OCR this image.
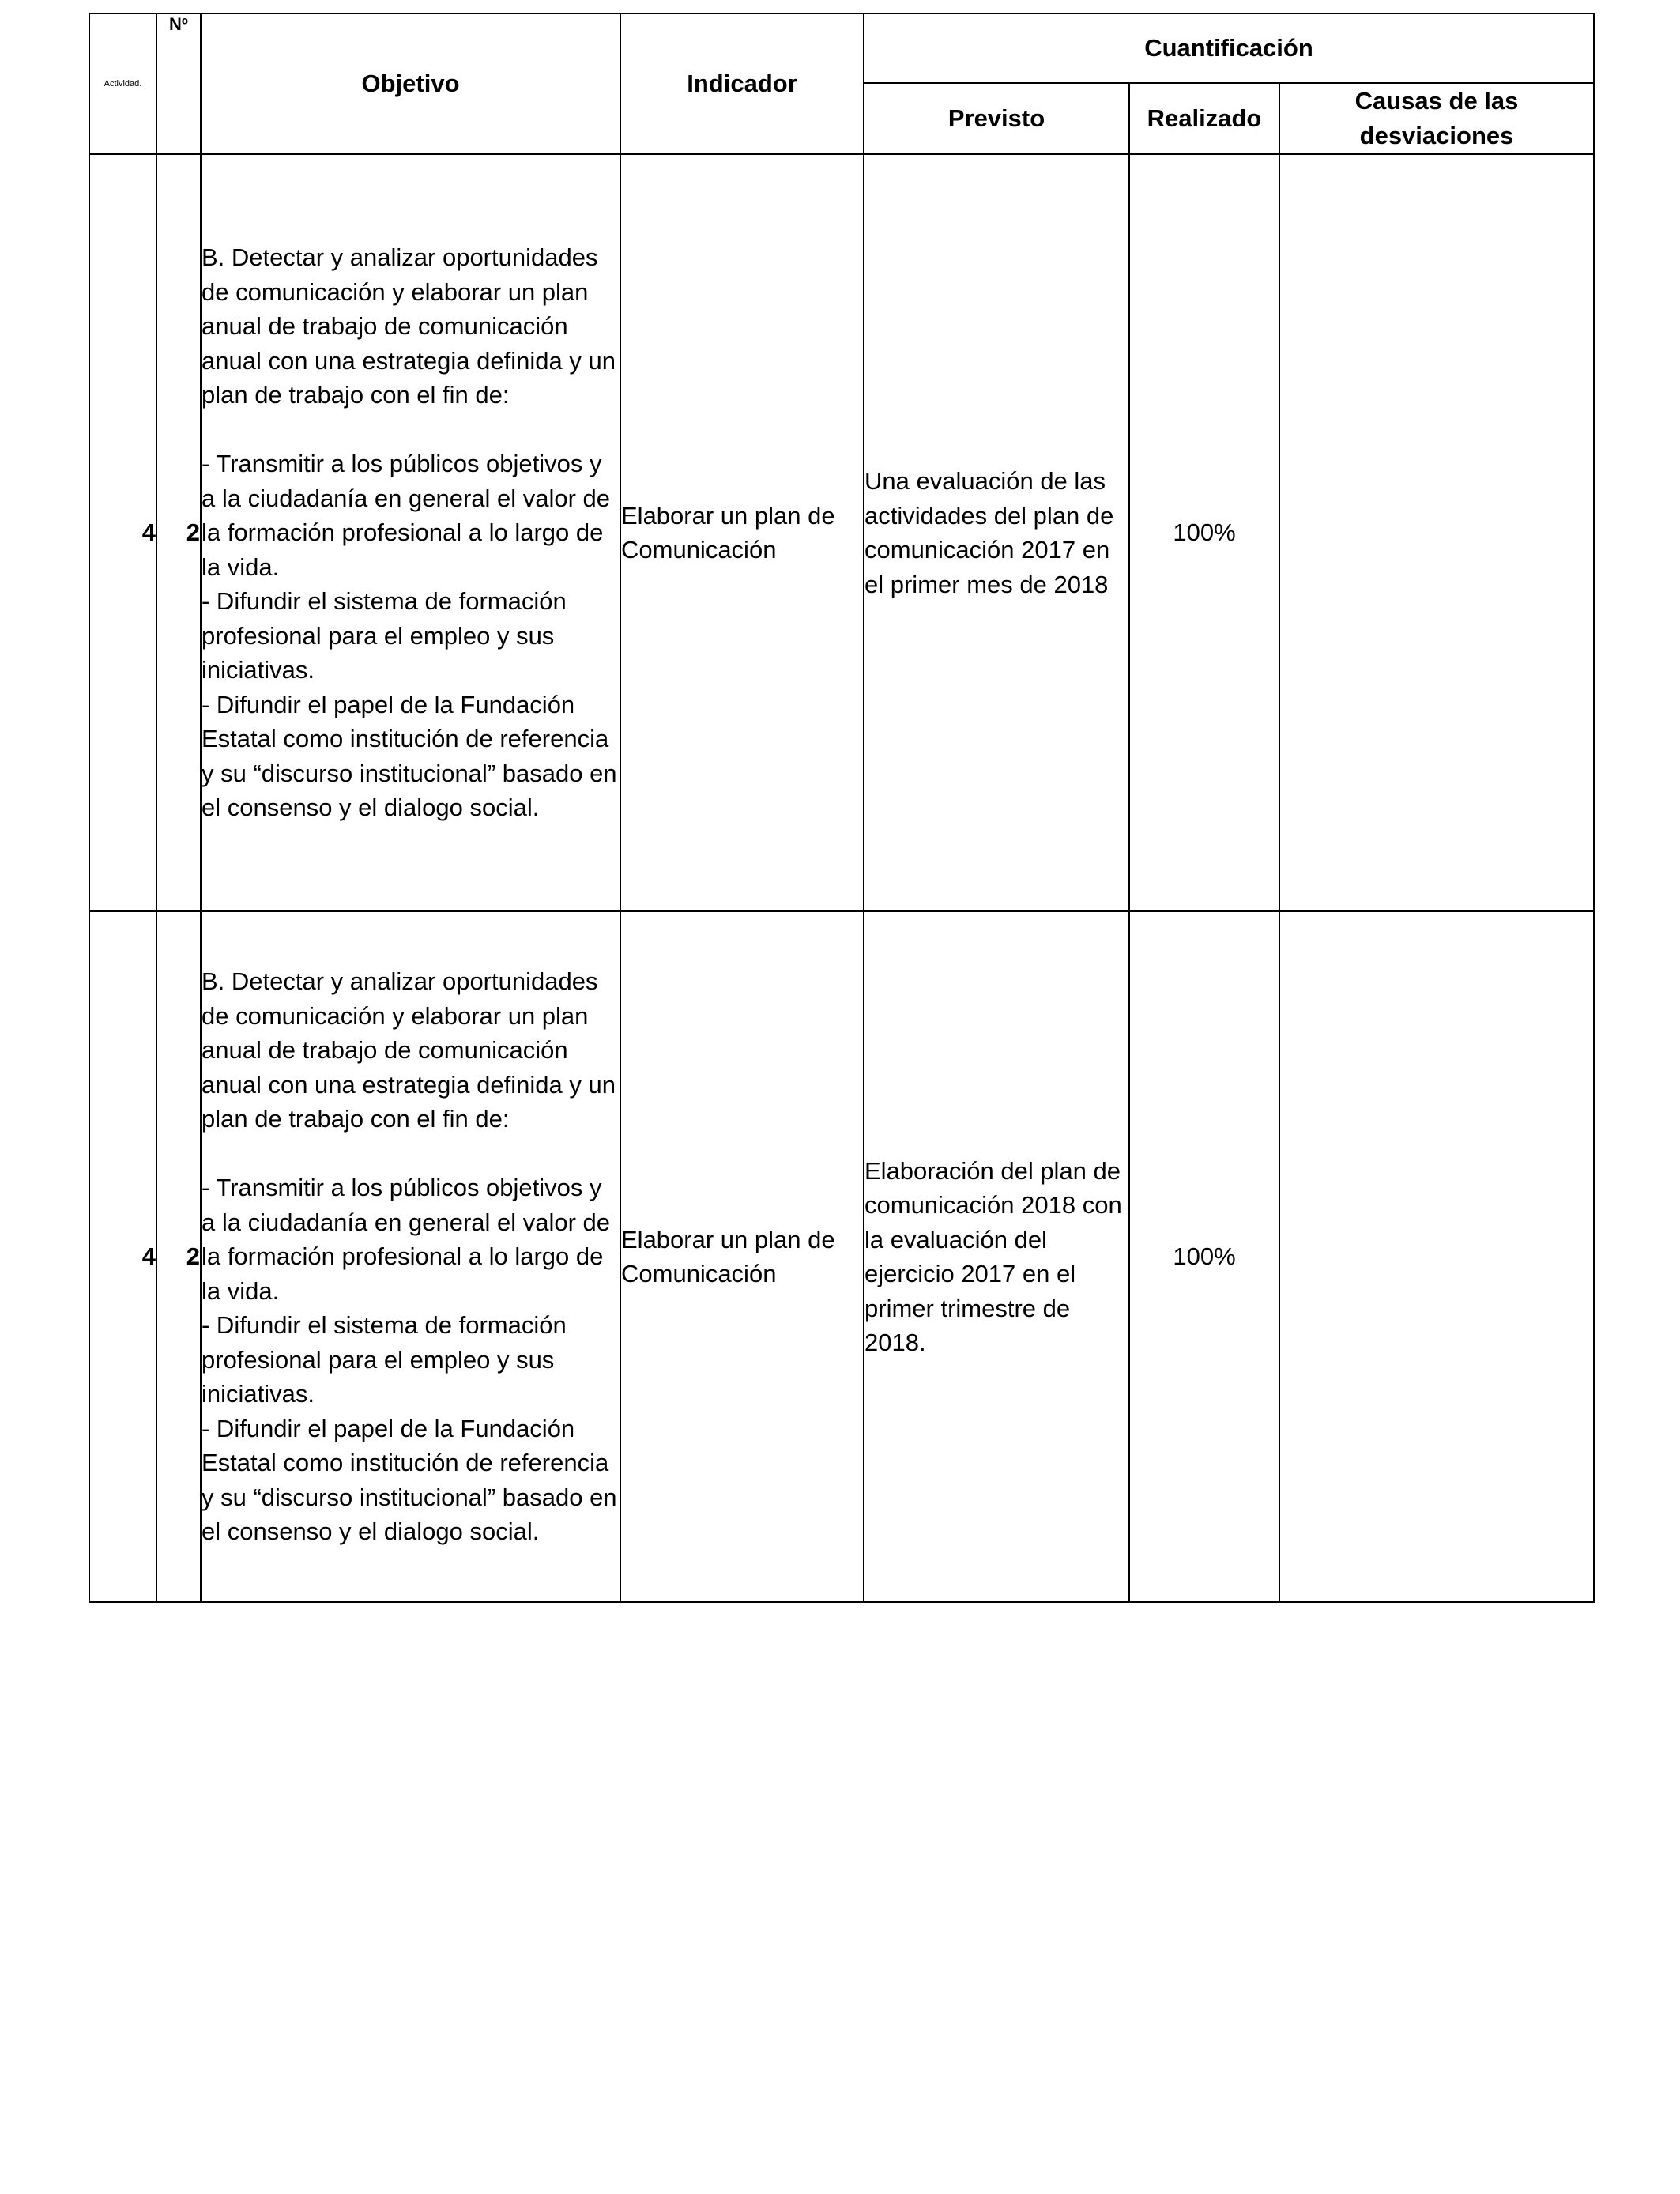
Actividad.	Nº	Objetivo	Indicador	Cuantificación		
				Previsto	Realizado	Causas de las desviaciones
4	2	B. Detectar y analizar oportunidades de comunicación y elaborar un plan anual de trabajo de comunicación anual con una estrategia definida y un plan de trabajo con el fin de:

- Transmitir a los públicos objetivos y a la ciudadanía en general el valor de la formación profesional a lo largo de la vida.
- Difundir el sistema de formación profesional para el empleo y sus iniciativas.
- Difundir el papel de la Fundación Estatal como institución de referencia y su “discurso institucional” basado en el consenso y el dialogo social.	Elaborar un plan de Comunicación	Una evaluación de las actividades del plan de comunicación 2017 en el primer mes de 2018	100%	
4	2	B. Detectar y analizar oportunidades de comunicación y elaborar un plan anual de trabajo de comunicación anual con una estrategia definida y un plan de trabajo con el fin de:

- Transmitir a los públicos objetivos y a la ciudadanía en general el valor de la formación profesional a lo largo de la vida.
- Difundir el sistema de formación profesional para el empleo y sus iniciativas.
- Difundir el papel de la Fundación Estatal como institución de referencia y su “discurso institucional” basado en el consenso y el dialogo social.	Elaborar un plan de Comunicación	Elaboración del plan de comunicación 2018 con la evaluación del ejercicio 2017 en el primer trimestre de 2018.	100%	
